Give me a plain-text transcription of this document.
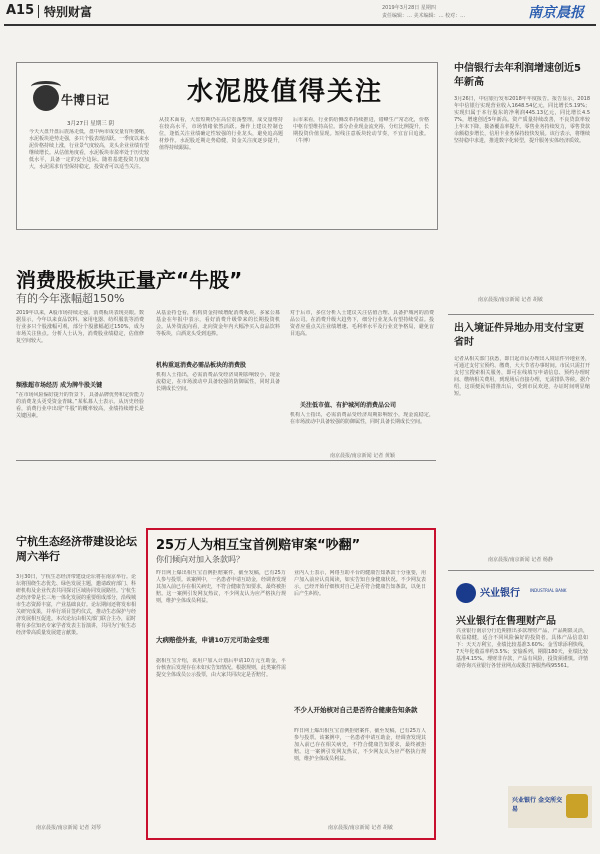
A15 特别财富	2019年3月28日 星期四
责任编辑：… 美术编辑：… 校对：…	南京晨报
牛博日记	水泥股值得关注
3月27日 星期三 阴
今天大盘开盘后震荡走低，盘中两市成交量有所萎缩，水泥板块逆势走强，多只个股表现活跃。一季度以来水泥价格持续上涨，行业景气度较高，龙头企业业绩有望继续增长。从估值角度看，水泥板块市盈率处于历史较低水平，具备一定的安全边际。随着基建投资力度加大，水泥需求有望保持稳定，投资者可以适当关注。
从技术面看，大盘短期仍在高位震荡整理，成交量维持在较高水平，市场情绪依然活跃。操作上建议控制仓位，逢低关注业绩确定性较强的行业龙头，避免追高题材炒作。水泥股近期走势稳健，资金关注度逐步提升，值得持续跟踪。
后市来看，行业供给侧改革持续推进，错峰生产常态化，价格中枢有望维持高位。部分企业现金流充裕，分红比例提升，长期投资价值显现。短线注意板块轮动节奏，不宜盲目追涨。（牛博）
中信银行去年利润增速创近5年新高
3月26日，中信银行发布2018年年度报告。报告显示，2018年中信银行实现营业收入1648.54亿元，同比增长5.19%；实现归属于本行股东的净利润445.13亿元，同比增长4.57%，增速创近5年新高。资产质量持续改善，不良贷款率较上年末下降，拨备覆盖率提升。零售业务持续发力，零售贷款余额稳步增长，信用卡业务保持较快发展。该行表示，将继续坚持稳中求进，推进数字化转型，提升服务实体经济质效。
南京晨报/南京新闻 记者 胡敏
消费股板块正量产“牛股”
有的今年涨幅超150%
2019年以来，A股市场持续走强，消费板块表现亮眼。数据显示，今年以来食品饮料、家用电器、纺织服装等消费行业多只个股涨幅可观，部分个股涨幅超过150%，成为市场关注焦点。分析人士认为，消费股业绩稳定，估值修复空间较大。
频涨超市场经历 成为牌牛股关键
“在市场风险偏好提升的背景下，具备品牌优势和定价能力的消费龙头更受资金青睐。”某私募人士表示。从历史经验看，消费行业中出现“牛股”的概率较高，业绩持续增长是关键因素。
从基金持仓看，机构资金持续增配消费板块。多家公募基金在年报中表示，看好消费升级带来的长期投资机会。从外资流向看，北向资金年内大幅净买入食品饮料等板块，白酒龙头受到追捧。
机构重返消费必需品板块的消费股
机构人士指出，必需消费品受经济周期影响较小，现金流稳定，在市场波动中具备较强的防御属性，同时具备长期成长空间。
对于后市，多位分析人士建议关注估值合理、具备护城河的消费品公司。在消费升级大趋势下，细分行业龙头有望持续受益。投资者应重点关注业绩增速、毛利率水平及行业竞争格局，避免盲目追高。
关注低市值、有护城河的消费品公司
机构人士指出，必需消费品受经济周期影响较小，现金流稳定，在市场波动中具备较强的防御属性，同时具备长期成长空间。
南京晨报/南京新闻 记者 黄颖
宁杭生态经济带建设论坛周六举行
3月30日，宁杭生态经济带建设论坛将在南京举行。论坛将围绕生态优先、绿色发展主题，邀请政府部门、科研机构及企业代表共同探讨区域协同发展路径。宁杭生态经济带是长三角一体化发展的重要组成部分，沿线城市生态资源丰富，产业基础良好。论坛期间还将发布相关研究成果，并举行项目签约仪式，推动生态保护与经济发展相互促进。本次论坛由相关部门联合主办，届时将有多位知名专家学者发表主旨演讲，共同为宁杭生态经济带高质量发展建言献策。
南京晨报/南京新闻 记者 刘琴
25万人为相互宝首例赔审案“吵翻”
你们倾向对加入条款吗？
昨日网上爆出相互宝首例拒赔案件，截至发稿，已有25万人参与投票。该案例中，一名患者申请互助金，经调查发现其加入前已存在相关病史，不符合健康告知要求，最终被拒赔。这一案例引发网友热议，不少网友认为应严格执行规则，维护全体成员利益。
大病赔偿外查，申请10万元可助金受理
据相互宝介绍，该用户加入计划后申请10万元互助金，平台核查后发现存在未如实告知情况。根据规则，此类案件需提交全体成员公示投票，由大家共同决定是否赔付。
业内人士表示，网络互助平台的健康告知条款十分重要，用户加入前应认真阅读，如实告知自身健康状况。不少网友表示，已经开始仔细核对自己是否符合健康告知条款，以免日后产生纠纷。
不少人开始核对自己是否符合健康告知条款
昨日网上爆出相互宝首例拒赔案件，截至发稿，已有25万人参与投票。该案例中，一名患者申请互助金，经调查发现其加入前已存在相关病史，不符合健康告知要求，最终被拒赔。这一案例引发网友热议，不少网友认为应严格执行规则，维护全体成员利益。
南京晨报/南京新闻 记者 胡敏
出入境证件异地办用支付宝更省时
记者从相关部门获悉，即日起市民办理出入境证件异地业务，可通过支付宝预约、缴费，大大节省办事时间。市民只需打开支付宝搜索相关服务，即可在线填写申请信息、预约办理时间、缴纳相关费用，到现场后直接办理，无需排队等候。据介绍，这项便民举措推出后，受到市民欢迎，办证时间明显缩短。
南京晨报/南京新闻 记者 杨静
兴业银行	INDUSTRIAL BANK
兴业银行在售理财产品
兴业银行南京分行近期推出多款理财产品，产品期限灵活，收益稳健，适合不同风险偏好的投资者。具体产品信息如下：天天万利宝，业绩比较基准3.60%；金雪球添利快线，7天年化收益率约3.5%；安愉系列，期限180天，业绩比较基准4.15%。理财非存款，产品有风险，投资须谨慎。详情请咨询兴业银行各营业网点或拨打客服热线95561。
兴业银行 金交所交易
